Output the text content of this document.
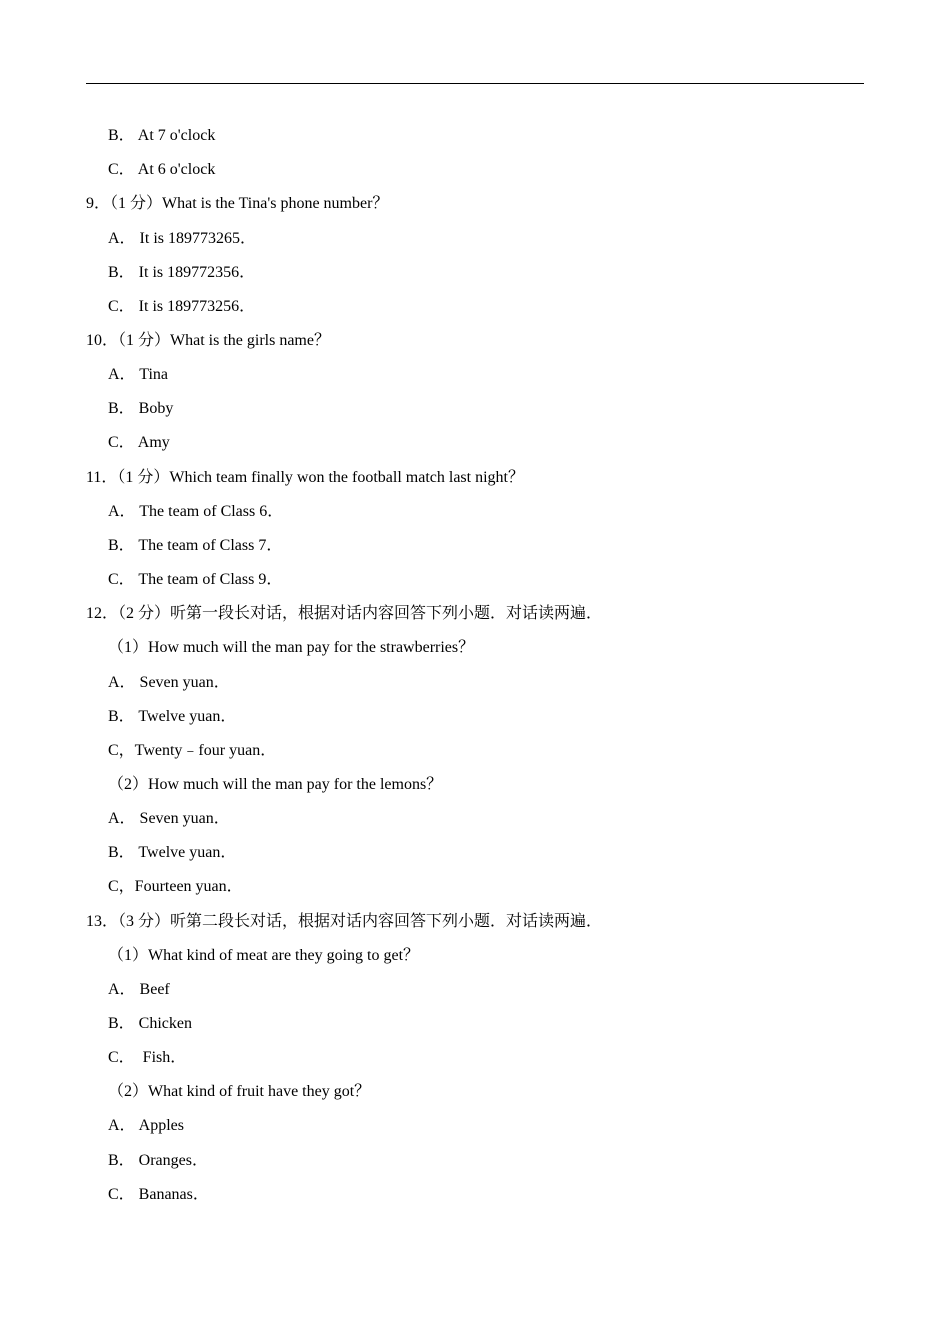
B． At 7 o'clock
C． At 6 o'clock
9．（1 分）What is the Tina's phone number？
A． It is 189773265．
B． It is 189772356．
C． It is 189773256．
10．（1 分）What is the girls name？
A． Tina
B． Boby
C． Amy
11．（1 分）Which team finally won the football match last night？
A． The team of Class 6．
B． The team of Class 7．
C． The team of Class 9．
12．（2 分）听第一段长对话，根据对话内容回答下列小题．对话读两遍．
（1）How much will the man pay for the strawberries？
A． Seven yuan．
B． Twelve yuan．
C，Twenty﹣four yuan．
（2）How much will the man pay for the lemons？
A． Seven yuan．
B． Twelve yuan．
C，Fourteen yuan．
13．（3 分）听第二段长对话，根据对话内容回答下列小题．对话读两遍．
（1）What kind of meat are they going to get？
A． Beef
B． Chicken
C．  Fish．
（2）What kind of fruit have they got？
A． Apples
B． Oranges．
C． Bananas．
